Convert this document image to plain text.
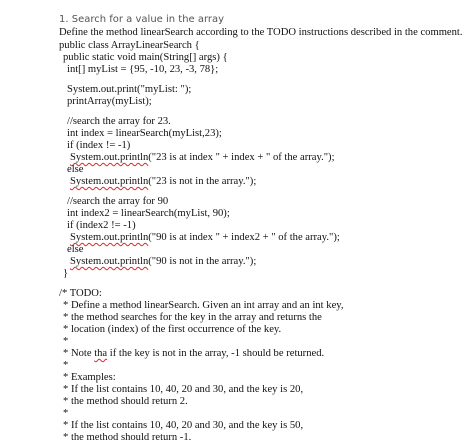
1. Search for a value in the array
Define the method linearSearch according to the TODO instructions described in the comment.
public class ArrayLinearSearch {
public static void main(String[] args) {
int[] myList = {95, -10, 23, -3, 78};
System.out.print("myList: ");
printArray(myList);
//search the array for 23.
int index = linearSearch(myList,23);
if (index != -1)
System.out.println("23 is at index " + index + " of the array.");
else
System.out.println("23 is not in the array.");
//search the array for 90
int index2 = linearSearch(myList, 90);
if (index2 != -1)
System.out.println("90 is at index " + index2 + " of the array.");
else
System.out.println("90 is not in the array.");
}
/* TODO:
* Define a method linearSearch. Given an int array and an int key,
* the method searches for the key in the array and returns the
* location (index) of the first occurrence of the key.
*
* Note tha if the key is not in the array, -1 should be returned.
*
* Examples:
* If the list contains 10, 40, 20 and 30, and the key is 20,
* the method should return 2.
*
* If the list contains 10, 40, 20 and 30, and the key is 50,
* the method should return -1.
